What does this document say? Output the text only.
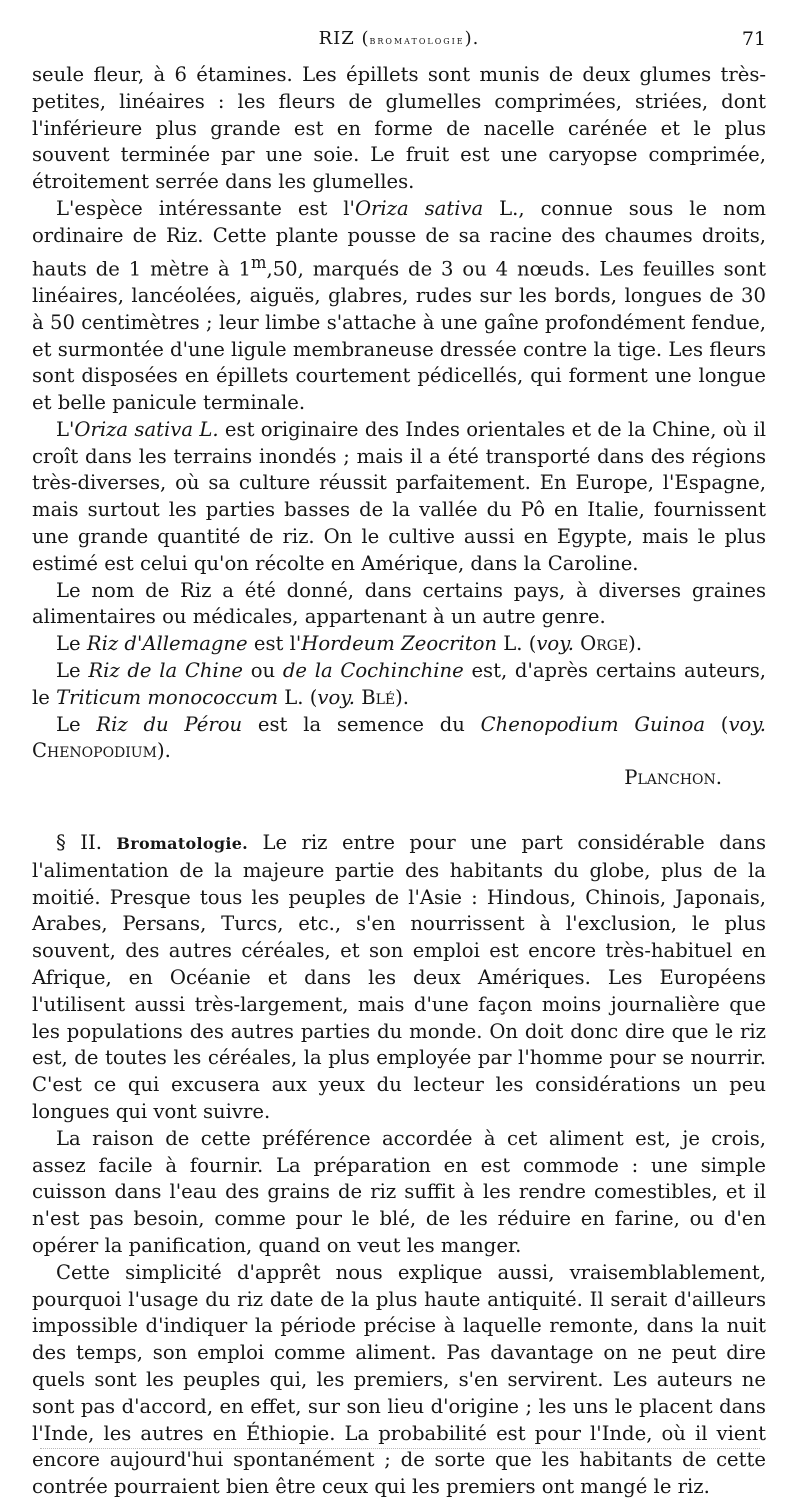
RIZ (bromatologie).	71

seule fleur, à 6 étamines. Les épillets sont munis de deux glumes très-petites, linéaires : les fleurs de glumelles comprimées, striées, dont l'inférieure plus grande est en forme de nacelle carénée et le plus souvent terminée par une soie. Le fruit est une caryopse comprimée, étroitement serrée dans les glumelles.

L'espèce intéressante est l'Oriza sativa L., connue sous le nom ordinaire de Riz. Cette plante pousse de sa racine des chaumes droits, hauts de 1 mètre à 1$^m$,50, marqués de 3 ou 4 nœuds. Les feuilles sont linéaires, lancéolées, aiguës, glabres, rudes sur les bords, longues de 30 à 50 centimètres ; leur limbe s'attache à une gaîne profondément fendue, et surmontée d'une ligule membraneuse dressée contre la tige. Les fleurs sont disposées en épillets courtement pédicellés, qui forment une longue et belle panicule terminale.

L'Oriza sativa L. est originaire des Indes orientales et de la Chine, où il croît dans les terrains inondés ; mais il a été transporté dans des régions très-diverses, où sa culture réussit parfaitement. En Europe, l'Espagne, mais surtout les parties basses de la vallée du Pô en Italie, fournissent une grande quantité de riz. On le cultive aussi en Egypte, mais le plus estimé est celui qu'on récolte en Amérique, dans la Caroline.

Le nom de Riz a été donné, dans certains pays, à diverses graines alimentaires ou médicales, appartenant à un autre genre.

Le Riz d'Allemagne est l'Hordeum Zeocriton L. (voy. Orge).

Le Riz de la Chine ou de la Cochinchine est, d'après certains auteurs, le Triticum monococcum L. (voy. Blé).

Le Riz du Pérou est la semence du Chenopodium Guinoa (voy. Chenopodium).

Planchon.

§ II. Bromatologie. Le riz entre pour une part considérable dans l'alimentation de la majeure partie des habitants du globe, plus de la moitié. Presque tous les peuples de l'Asie : Hindous, Chinois, Japonais, Arabes, Persans, Turcs, etc., s'en nourrissent à l'exclusion, le plus souvent, des autres céréales, et son emploi est encore très-habituel en Afrique, en Océanie et dans les deux Amériques. Les Européens l'utilisent aussi très-largement, mais d'une façon moins journalière que les populations des autres parties du monde. On doit donc dire que le riz est, de toutes les céréales, la plus employée par l'homme pour se nourrir. C'est ce qui excusera aux yeux du lecteur les considérations un peu longues qui vont suivre.

La raison de cette préférence accordée à cet aliment est, je crois, assez facile à fournir. La préparation en est commode : une simple cuisson dans l'eau des grains de riz suffit à les rendre comestibles, et il n'est pas besoin, comme pour le blé, de les réduire en farine, ou d'en opérer la panification, quand on veut les manger.

Cette simplicité d'apprêt nous explique aussi, vraisemblablement, pourquoi l'usage du riz date de la plus haute antiquité. Il serait d'ailleurs impossible d'indiquer la période précise à laquelle remonte, dans la nuit des temps, son emploi comme aliment. Pas davantage on ne peut dire quels sont les peuples qui, les premiers, s'en servirent. Les auteurs ne sont pas d'accord, en effet, sur son lieu d'origine ; les uns le placent dans l'Inde, les autres en Éthiopie. La probabilité est pour l'Inde, où il vient encore aujourd'hui spontanément ; de sorte que les habitants de cette contrée pourraient bien être ceux qui les premiers ont mangé le riz.
